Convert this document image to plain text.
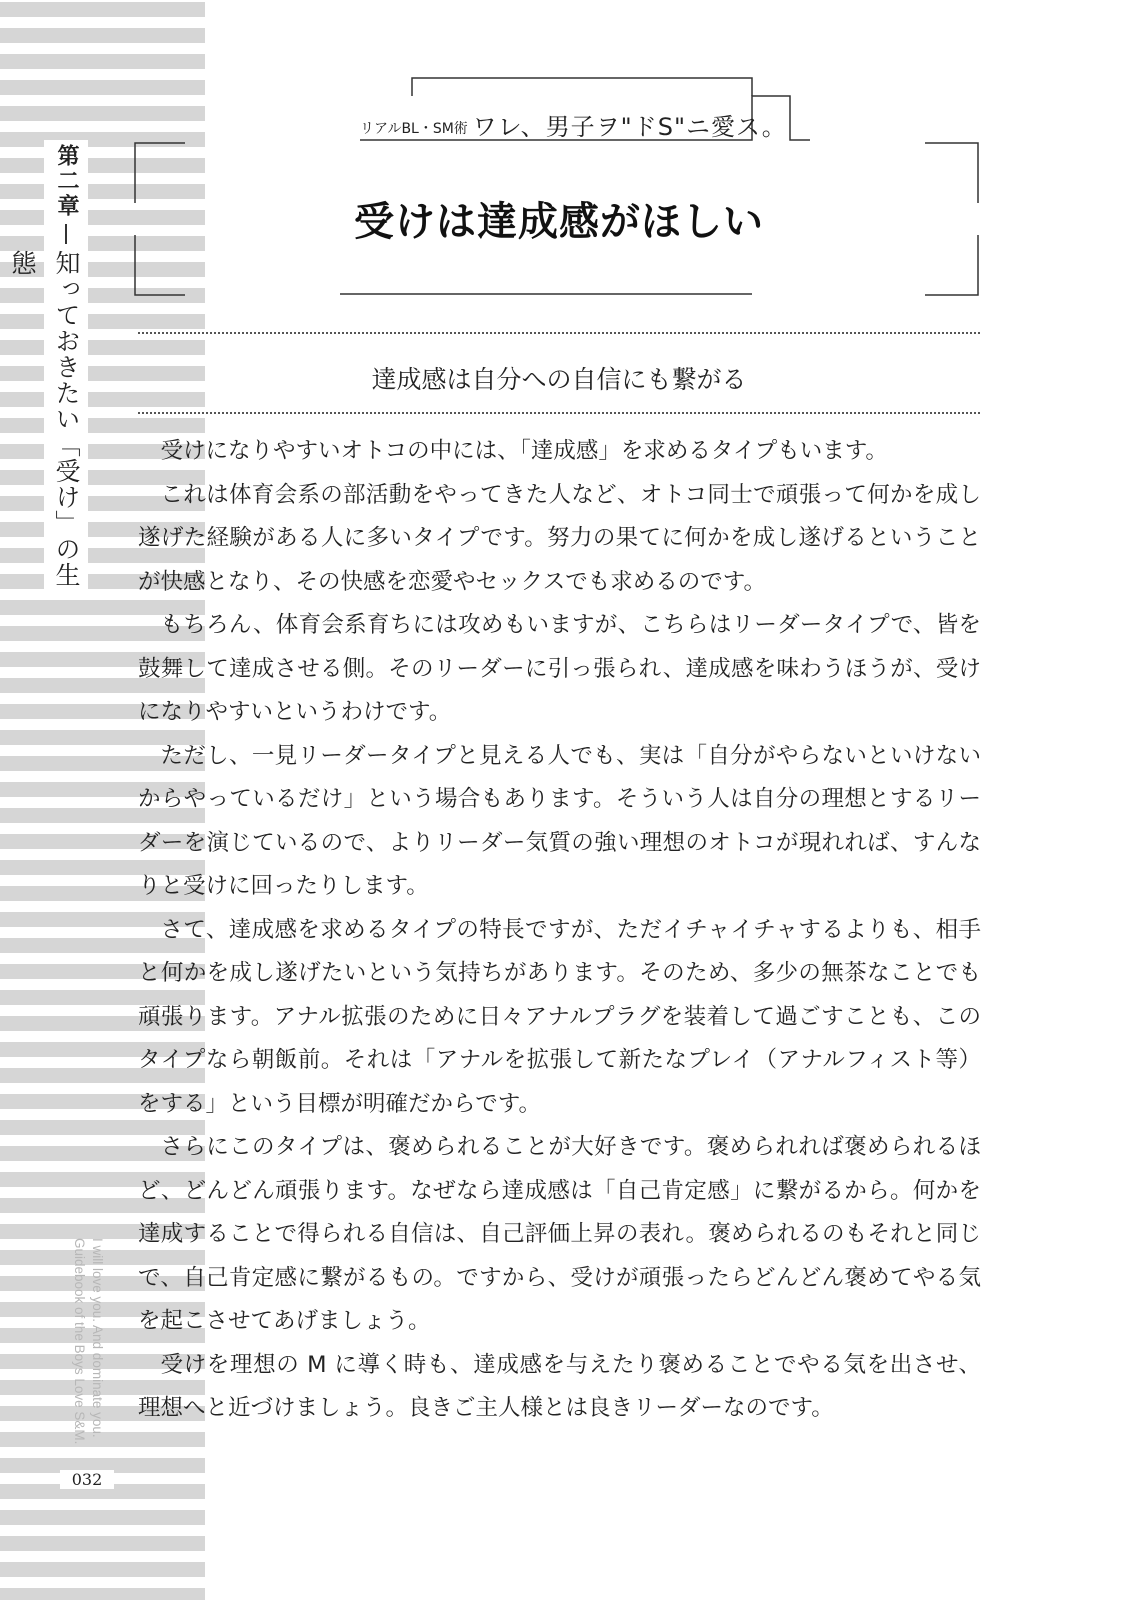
第二章
知っておきたい「受け」の生態
I will love you. And dominate you.
Guidebook of the Boys Love S&M.
032
リアルBL・SM術 ワレ、男子ヲ"ドS"ニ愛ス。
受けは達成感がほしい
達成感は自分への自信にも繋がる

受けになりやすいオトコの中には、「達成感」を求めるタイプもいます。

これは体育会系の部活動をやってきた人など、オトコ同士で頑張って何かを成し遂げた経験がある人に多いタイプです。努力の果てに何かを成し遂げるということが快感となり、その快感を恋愛やセックスでも求めるのです。

もちろん、体育会系育ちには攻めもいますが、こちらはリーダータイプで、皆を鼓舞して達成させる側。そのリーダーに引っ張られ、達成感を味わうほうが、受けになりやすいというわけです。

ただし、一見リーダータイプと見える人でも、実は「自分がやらないといけないからやっているだけ」という場合もあります。そういう人は自分の理想とするリーダーを演じているので、よりリーダー気質の強い理想のオトコが現れれば、すんなりと受けに回ったりします。

さて、達成感を求めるタイプの特長ですが、ただイチャイチャするよりも、相手と何かを成し遂げたいという気持ちがあります。そのため、多少の無茶なことでも頑張ります。アナル拡張のために日々アナルプラグを装着して過ごすことも、このタイプなら朝飯前。それは「アナルを拡張して新たなプレイ（アナルフィスト等）をする」という目標が明確だからです。

さらにこのタイプは、褒められることが大好きです。褒められれば褒められるほど、どんどん頑張ります。なぜなら達成感は「自己肯定感」に繋がるから。何かを達成することで得られる自信は、自己評価上昇の表れ。褒められるのもそれと同じで、自己肯定感に繋がるもの。ですから、受けが頑張ったらどんどん褒めてやる気を起こさせてあげましょう。

受けを理想の M に導く時も、達成感を与えたり褒めることでやる気を出させ、理想へと近づけましょう。良きご主人様とは良きリーダーなのです。
